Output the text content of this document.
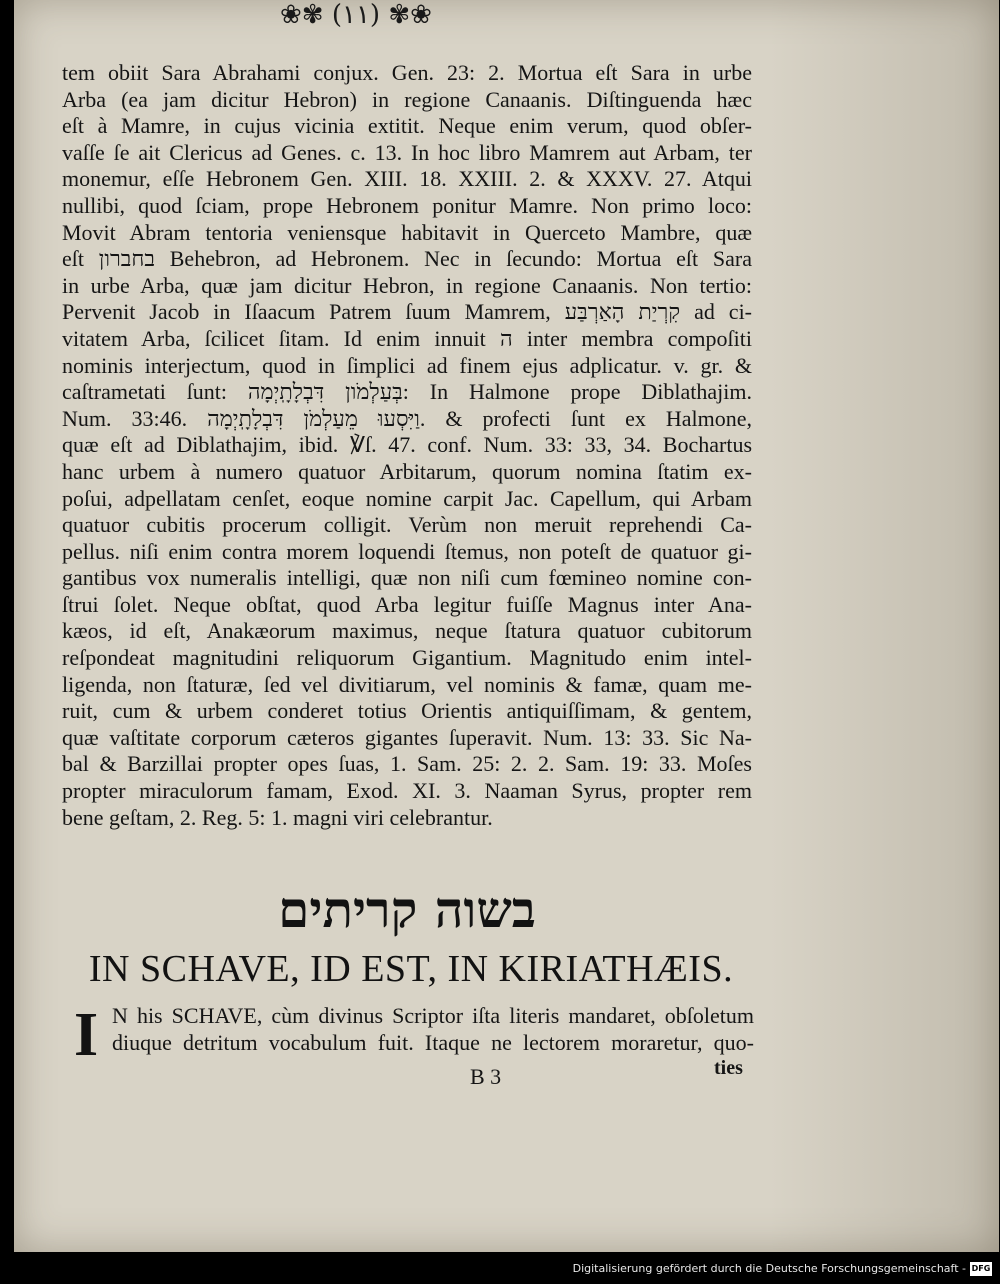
❀✾ (١١) ✾❀
tem obiit Sara Abrahami conjux. Gen. 23: 2. Mortua eſt Sara in urbe
Arba (ea jam dicitur Hebron) in regione Canaanis. Diſtinguenda hæc
eſt à Mamre, in cujus vicinia extitit. Neque enim verum, quod obſer-
vaſſe ſe ait Clericus ad Genes. c. 13. In hoc libro Mamrem aut Arbam, ter
monemur, eſſe Hebronem Gen. XIII. 18. XXIII. 2. & XXXV. 27. Atqui
nullibi, quod ſciam, prope Hebronem ponitur Mamre. Non primo loco:
Movit Abram tentoria veniensque habitavit in Querceto Mambre, quæ
eſt בחברון Behebron, ad Hebronem. Nec in ſecundo: Mortua eſt Sara
in urbe Arba, quæ jam dicitur Hebron, in regione Canaanis. Non tertio:
Pervenit Jacob in Iſaacum Patrem ſuum Mamrem, קִרְיַת הָאַרְבַּע ad ci-
vitatem Arba, ſcilicet ſitam. Id enim innuit ה inter membra compoſiti
nominis interjectum, quod in ſimplici ad finem ejus adplicatur. v. gr. &
caſtrametati ſunt: בְּעַלְמֹון דִּבְלָתָֽיְמָה: In Halmone prope Diblathajim.
Num. 33:46. וַיִּסְעוּ מֵעַלְמֹן דִּבְלָתָֽיְמָה. & profecti ſunt ex Halmone,
quæ eſt ad Diblathajim, ibid. ℣ſ. 47. conf. Num. 33: 33, 34. Bochartus
hanc urbem à numero quatuor Arbitarum, quorum nomina ſtatim ex-
poſui, adpellatam cenſet, eoque nomine carpit Jac. Capellum, qui Arbam
quatuor cubitis procerum colligit. Verùm non meruit reprehendi Ca-
pellus. niſi enim contra morem loquendi ſtemus, non poteſt de quatuor gi-
gantibus vox numeralis intelligi, quæ non niſi cum fœmineo nomine con-
ſtrui ſolet. Neque obſtat, quod Arba legitur fuiſſe Magnus inter Ana-
kæos, id eſt, Anakæorum maximus, neque ſtatura quatuor cubitorum
reſpondeat magnitudini reliquorum Gigantium. Magnitudo enim intel-
ligenda, non ſtaturæ, ſed vel divitiarum, vel nominis & famæ, quam me-
ruit, cum & urbem conderet totius Orientis antiquiſſimam, & gentem,
quæ vaſtitate corporum cæteros gigantes ſuperavit. Num. 13: 33. Sic Na-
bal & Barzillai propter opes ſuas, 1. Sam. 25: 2. 2. Sam. 19: 33. Moſes
propter miraculorum famam, Exod. XI. 3. Naaman Syrus, propter rem
bene geſtam, 2. Reg. 5: 1. magni viri celebrantur.
בשוה קריתים
IN SCHAVE, ID EST, IN KIRIATHÆIS.
I N his SCHAVE, cùm divinus Scriptor iſta literis mandaret, obſoletum
diuque detritum vocabulum fuit. Itaque ne lectorem moraretur, quo-
B 3	ties
Digitalisierung gefördert durch die Deutsche Forschungsgemeinschaft - DFG
